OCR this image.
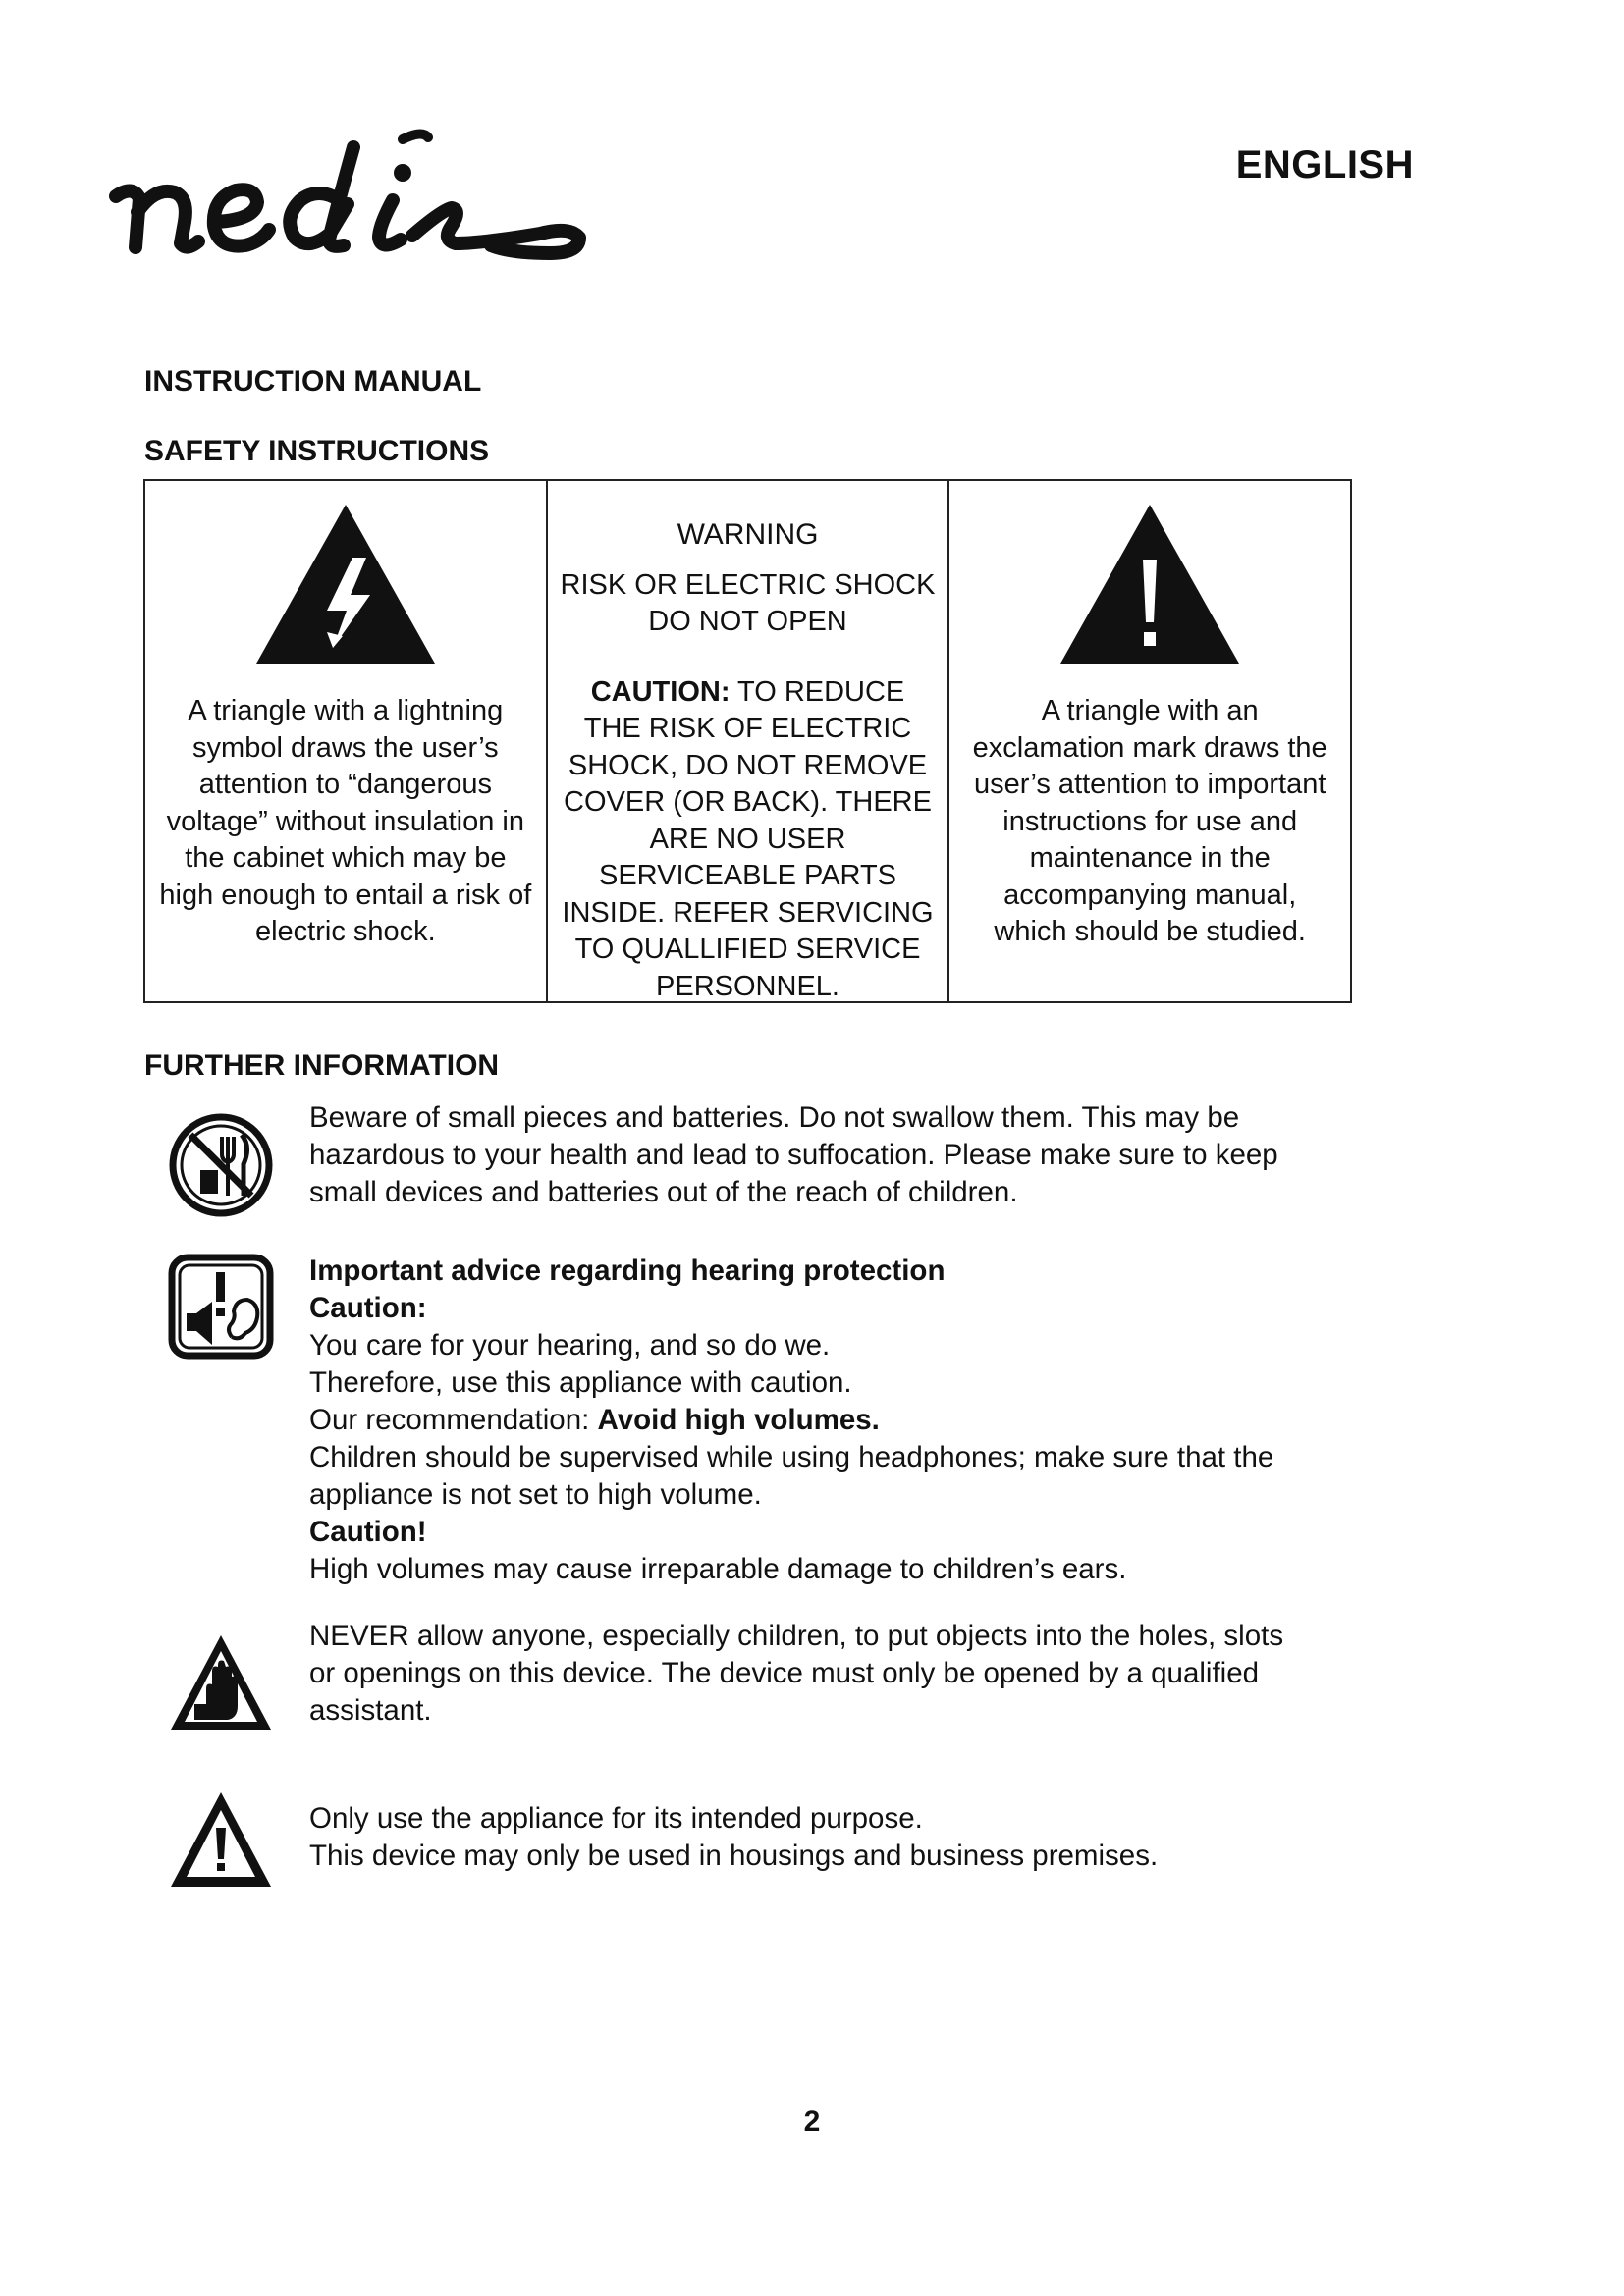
ENGLISH
INSTRUCTION MANUAL
SAFETY INSTRUCTIONS
A triangle with a lightning symbol draws the user’s attention to “dangerous voltage” without insulation in the cabinet which may be high enough to entail a risk of electric shock.
WARNING
RISK OR ELECTRIC SHOCK
DO NOT OPEN
CAUTION: TO REDUCE THE RISK OF ELECTRIC SHOCK, DO NOT REMOVE COVER (OR BACK). THERE ARE NO USER SERVICEABLE PARTS INSIDE. REFER SERVICING TO QUALLIFIED SERVICE PERSONNEL.
A triangle with an exclamation mark draws the user’s attention to important instructions for use and maintenance in the accompanying manual, which should be studied.
FURTHER INFORMATION

Beware of small pieces and batteries. Do not swallow them. This may be hazardous to your health and lead to suffocation. Please make sure to keep small devices and batteries out of the reach of children.

Important advice regarding hearing protection

Caution:

You care for your hearing, and so do we.

Therefore, use this appliance with caution.

Our recommendation: Avoid high volumes.

Children should be supervised while using headphones; make sure that the appliance is not set to high volume.

Caution!

High volumes may cause irreparable damage to children’s ears.

NEVER allow anyone, especially children, to put objects into the holes, slots or openings on this device. The device must only be opened by a qualified assistant.

Only use the appliance for its intended purpose.

This device may only be used in housings and business premises.

2
